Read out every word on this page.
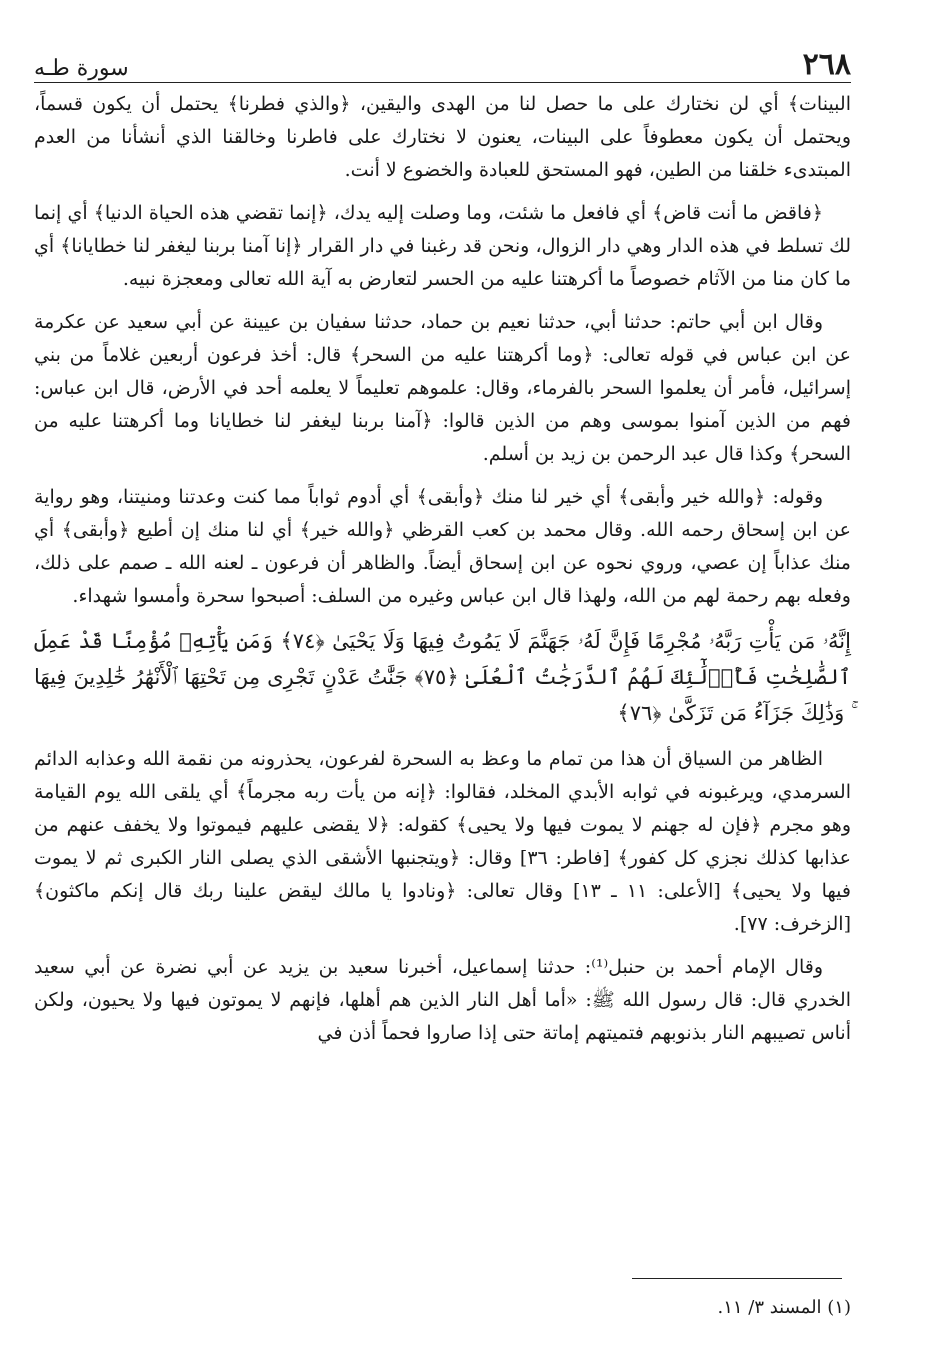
٢٦٨
سورة طـه

البينات﴾ أي لن نختارك على ما حصل لنا من الهدى واليقين، ﴿والذي فطرنا﴾ يحتمل أن يكون قسماً، ويحتمل أن يكون معطوفاً على البينات، يعنون لا نختارك على فاطرنا وخالقنا الذي أنشأنا من العدم المبتدىء خلقنا من الطين، فهو المستحق للعبادة والخضوع لا أنت.

﴿فاقض ما أنت قاض﴾ أي فافعل ما شئت، وما وصلت إليه يدك، ﴿إنما تقضي هذه الحياة الدنيا﴾ أي إنما لك تسلط في هذه الدار وهي دار الزوال، ونحن قد رغبنا في دار القرار ﴿إنا آمنا بربنا ليغفر لنا خطايانا﴾ أي ما كان منا من الآثام خصوصاً ما أكرهتنا عليه من الحسر لتعارض به آية الله تعالى ومعجزة نبيه.

وقال ابن أبي حاتم: حدثنا أبي، حدثنا نعيم بن حماد، حدثنا سفيان بن عيينة عن أبي سعيد عن عكرمة عن ابن عباس في قوله تعالى: ﴿وما أكرهتنا عليه من السحر﴾ قال: أخذ فرعون أربعين غلاماً من بني إسرائيل، فأمر أن يعلموا السحر بالفرماء، وقال: علموهم تعليماً لا يعلمه أحد في الأرض، قال ابن عباس: فهم من الذين آمنوا بموسى وهم من الذين قالوا: ﴿آمنا بربنا ليغفر لنا خطايانا وما أكرهتنا عليه من السحر﴾ وكذا قال عبد الرحمن بن زيد بن أسلم.

وقوله: ﴿والله خير وأبقى﴾ أي خير لنا منك ﴿وأبقى﴾ أي أدوم ثواباً مما كنت وعدتنا ومنيتنا، وهو رواية عن ابن إسحاق رحمه الله. وقال محمد بن كعب القرظي ﴿والله خير﴾ أي لنا منك إن أطيع ﴿وأبقى﴾ أي منك عذاباً إن عصي، وروي نحوه عن ابن إسحاق أيضاً. والظاهر أن فرعون ـ لعنه الله ـ صمم على ذلك، وفعله بهم رحمة لهم من الله، ولهذا قال ابن عباس وغيره من السلف: أصبحوا سحرة وأمسوا شهداء.

إِنَّهُۥ مَن يَأْتِ رَبَّهُۥ مُجْرِمًا فَإِنَّ لَهُۥ جَهَنَّمَ لَا يَمُوتُ فِيهَا وَلَا يَحْيَىٰ ﴿٧٤﴾ وَمَن يَأْتِهِۦ مُؤْمِنًا قَدْ عَمِلَ ٱلصَّٰلِحَٰتِ فَأُو۟لَٰٓئِكَ لَهُمُ ٱلدَّرَجَٰتُ ٱلْعُلَىٰ ﴿٧٥﴾ جَنَّٰتُ عَدْنٍ تَجْرِى مِن تَحْتِهَا ٱلْأَنْهَٰرُ خَٰلِدِينَ فِيهَا ۚ وَذَٰلِكَ جَزَآءُ مَن تَزَكَّىٰ ﴿٧٦﴾

الظاهر من السياق أن هذا من تمام ما وعظ به السحرة لفرعون، يحذرونه من نقمة الله وعذابه الدائم السرمدي، ويرغبونه في ثوابه الأبدي المخلد، فقالوا: ﴿إنه من يأت ربه مجرماً﴾ أي يلقى الله يوم القيامة وهو مجرم ﴿فإن له جهنم لا يموت فيها ولا يحيى﴾ كقوله: ﴿لا يقضى عليهم فيموتوا ولا يخفف عنهم من عذابها كذلك نجزي كل كفور﴾ [فاطر: ٣٦] وقال: ﴿ويتجنبها الأشقى الذي يصلى النار الكبرى ثم لا يموت فيها ولا يحيى﴾ [الأعلى: ١١ ـ ١٣] وقال تعالى: ﴿ونادوا يا مالك ليقض علينا ربك قال إنكم ماكثون﴾ [الزخرف: ٧٧].

وقال الإمام أحمد بن حنبل⁽¹⁾: حدثنا إسماعيل، أخبرنا سعيد بن يزيد عن أبي نضرة عن أبي سعيد الخدري قال: قال رسول الله ﷺ: «أما أهل النار الذين هم أهلها، فإنهم لا يموتون فيها ولا يحيون، ولكن أناس تصيبهم النار بذنوبهم فتميتهم إماتة حتى إذا صاروا فحماً أذن في

(١) المسند ٣/ ١١.
